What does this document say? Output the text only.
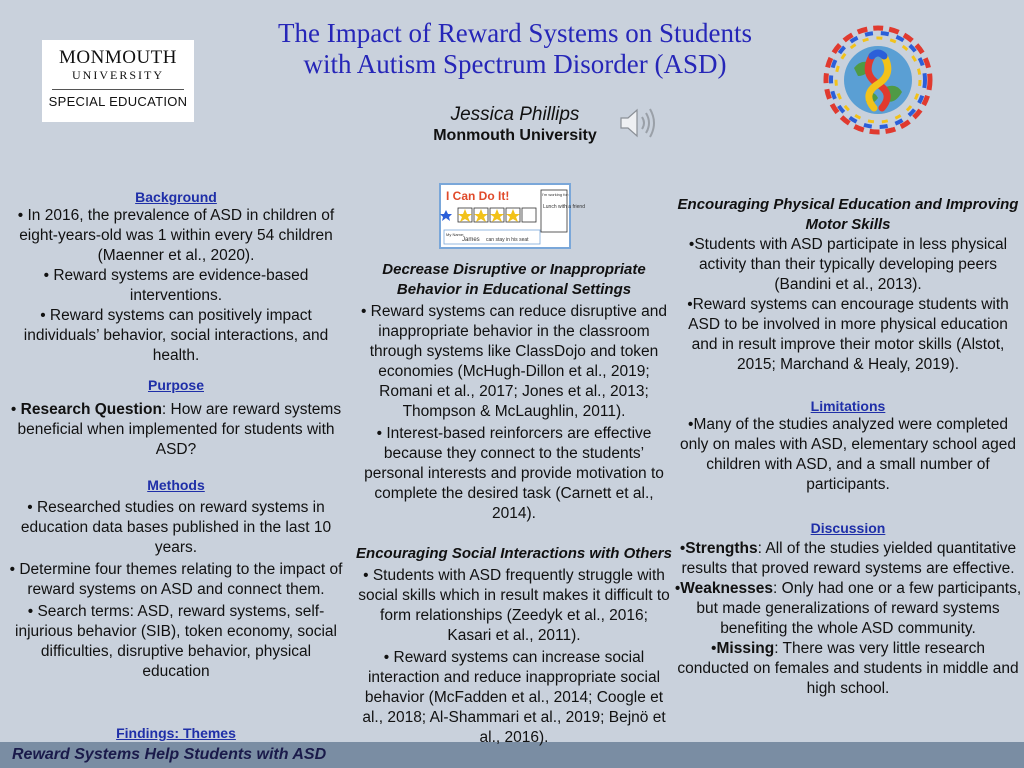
The Impact of Reward Systems on Students
with Autism Spectrum Disorder (ASD)
MONMOUTH
UNIVERSITY
SPECIAL EDUCATION
Jessica Phillips
Monmouth University
I Can Do It!	I'm working for:
Lunch with a friend
My Name:
James can stay in his seat
Background
• In 2016, the prevalence of ASD in children of eight-years-old was 1 within every 54 children (Maenner et al., 2020).
• Reward systems are evidence-based interventions.
• Reward systems can positively impact individuals’ behavior, social interactions, and health.
Purpose
• Research Question: How are reward systems beneficial when implemented for students with ASD?
Methods
• Researched studies on reward systems in education data bases published in the last 10 years.
• Determine four themes relating to the impact of reward systems on ASD and connect them.
• Search terms: ASD, reward systems, self-injurious behavior (SIB), token economy, social difficulties, disruptive behavior, physical education
Findings: Themes
Reward Systems Help Students with ASD
Decrease Disruptive or Inappropriate Behavior in Educational Settings
• Reward systems can reduce disruptive and inappropriate behavior in the classroom through systems like ClassDojo and token economies (McHugh-Dillon et al., 2019; Romani et al., 2017; Jones et al., 2013; Thompson & McLaughlin, 2011).
• Interest-based reinforcers are effective because they connect to the students’ personal interests and provide motivation to complete the desired task (Carnett et al., 2014).
Encouraging Social Interactions with Others
• Students with ASD frequently struggle with social skills which in result makes it difficult to form relationships (Zeedyk et al., 2016; Kasari et al., 2011).
• Reward systems can increase social interaction and reduce inappropriate social behavior (McFadden et al., 2014; Coogle et al., 2018; Al-Shammari et al., 2019; Bejnö et al., 2016).
Encouraging Physical Education and Improving Motor Skills
•Students with ASD participate in less physical activity than their typically developing peers (Bandini et al., 2013).
•Reward systems can encourage students with ASD to be involved in more physical education and in result improve their motor skills (Alstot, 2015; Marchand & Healy, 2019).
Limitations
•Many of the studies analyzed were completed only on males with ASD, elementary school aged children with ASD, and a small number of participants.
Discussion
•Strengths: All of the studies yielded quantitative results that proved reward systems are effective.
•Weaknesses: Only had one or a few participants, but made generalizations of reward systems benefiting the whole ASD community.
•Missing: There was very little research conducted on females and students in middle and high school.
